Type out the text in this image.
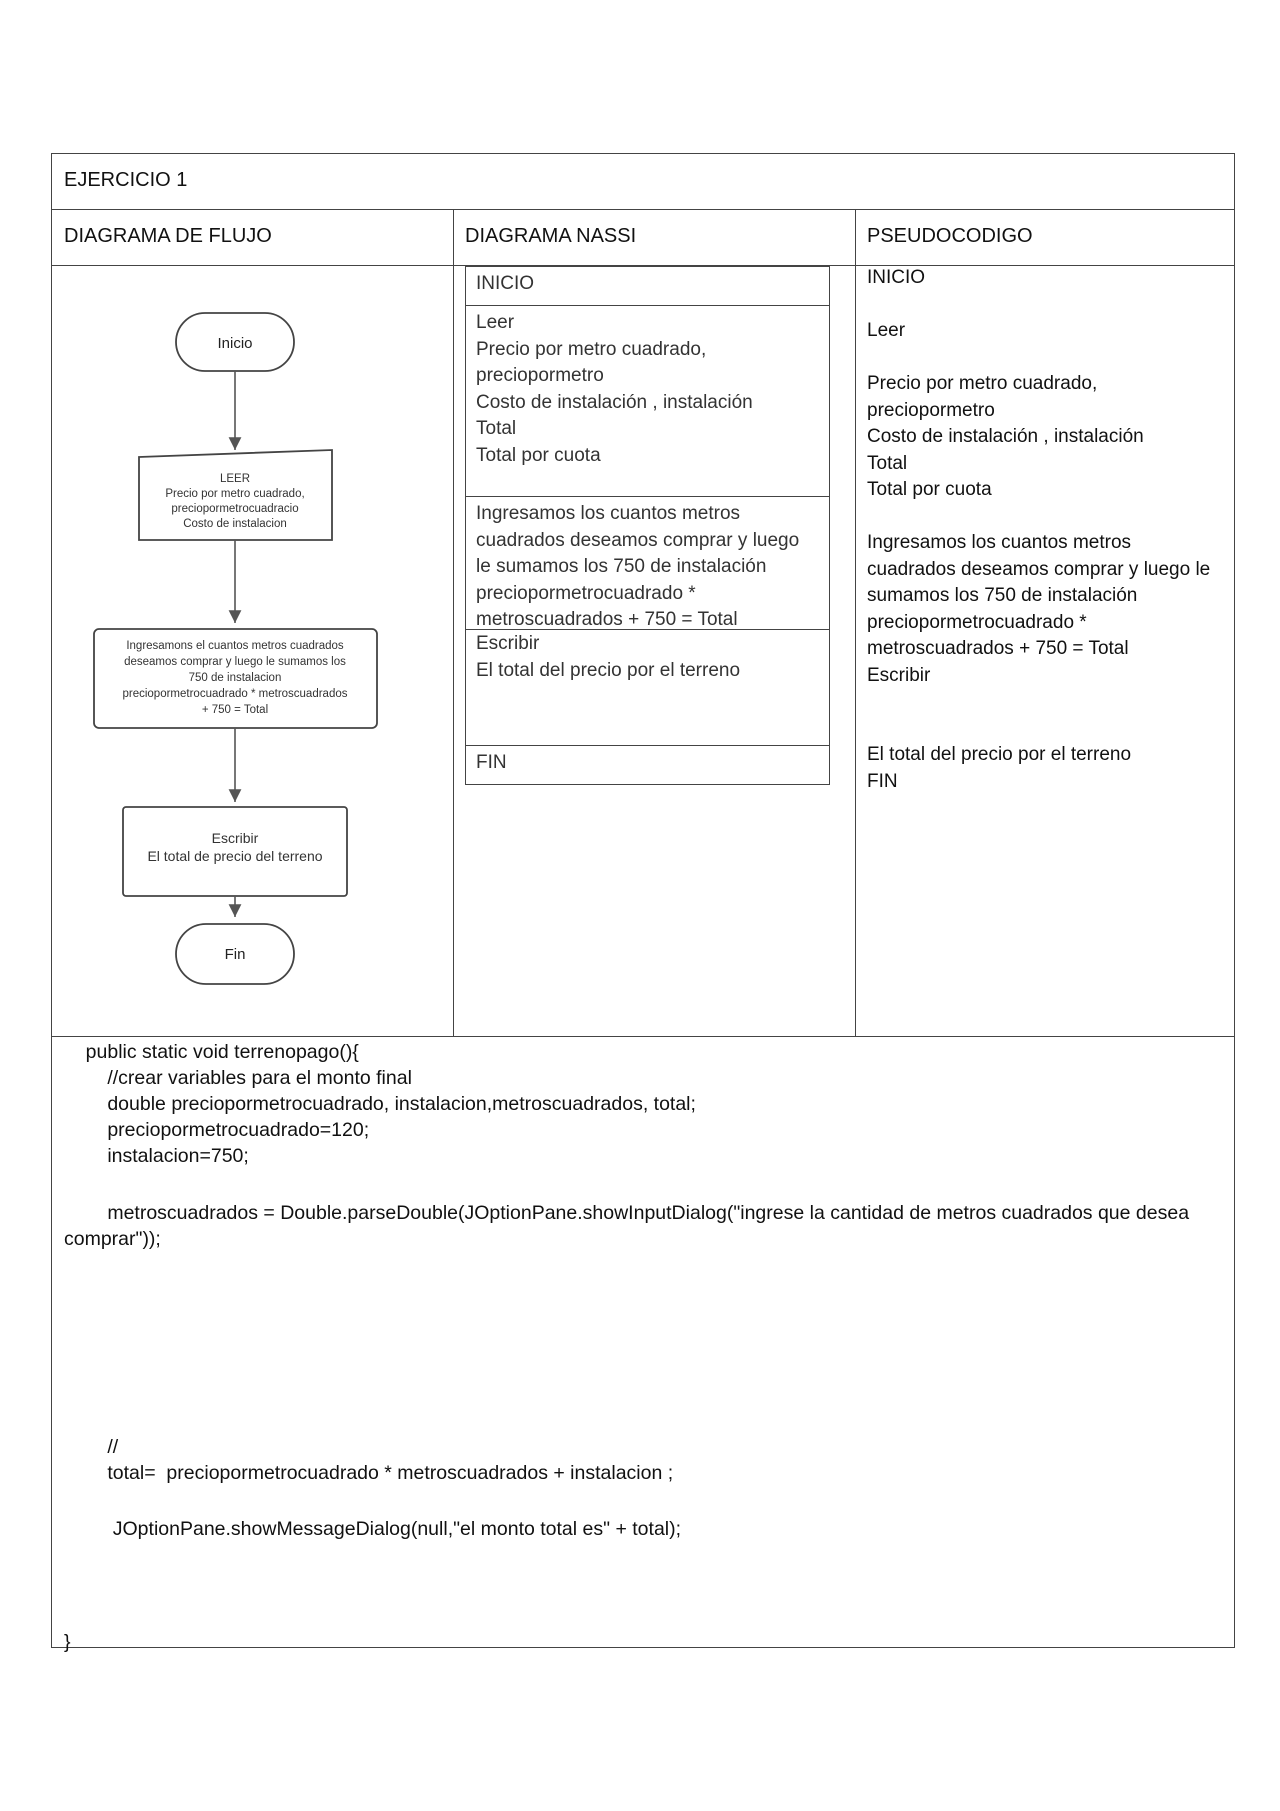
EJERCICIO 1
DIAGRAMA DE FLUJO	DIAGRAMA NASSI	PSEUDOCODIGO
Inicio
LEER
Precio por metro cuadrado,
preciopormetrocuadracio
Costo de instalacion
Ingresamons el cuantos metros cuadrados
deseamos comprar y luego le sumamos los
750 de instalacion
preciopormetrocuadrado * metroscuadrados
+ 750 = Total
Escribir
El total de precio del terreno
Fin
INICIO
Leer
Precio por metro cuadrado,
preciopormetro
Costo de instalación , instalación
Total
Total por cuota
Ingresamos los cuantos metros
cuadrados deseamos comprar y luego
le sumamos los 750 de instalación
preciopormetrocuadrado *
metroscuadrados + 750 = Total
Escribir
El total del precio por el terreno
FIN
INICIO
Leer
Precio por metro cuadrado,
preciopormetro
Costo de instalación , instalación
Total
Total por cuota
Ingresamos los cuantos metros
cuadrados deseamos comprar y luego le
sumamos los 750 de instalación
preciopormetrocuadrado *
metroscuadrados + 750 = Total
Escribir
El total del precio por el terreno
FIN
public static void terrenopago(){
//crear variables para el monto final
double preciopormetrocuadrado, instalacion,metroscuadrados, total;
preciopormetrocuadrado=120;
instalacion=750;
metroscuadrados = Double.parseDouble(JOptionPane.showInputDialog("ingrese la cantidad de metros cuadrados que desea
comprar"));
//
total=  preciopormetrocuadrado * metroscuadrados + instalacion ;
JOptionPane.showMessageDialog(null,"el monto total es" + total);
}
